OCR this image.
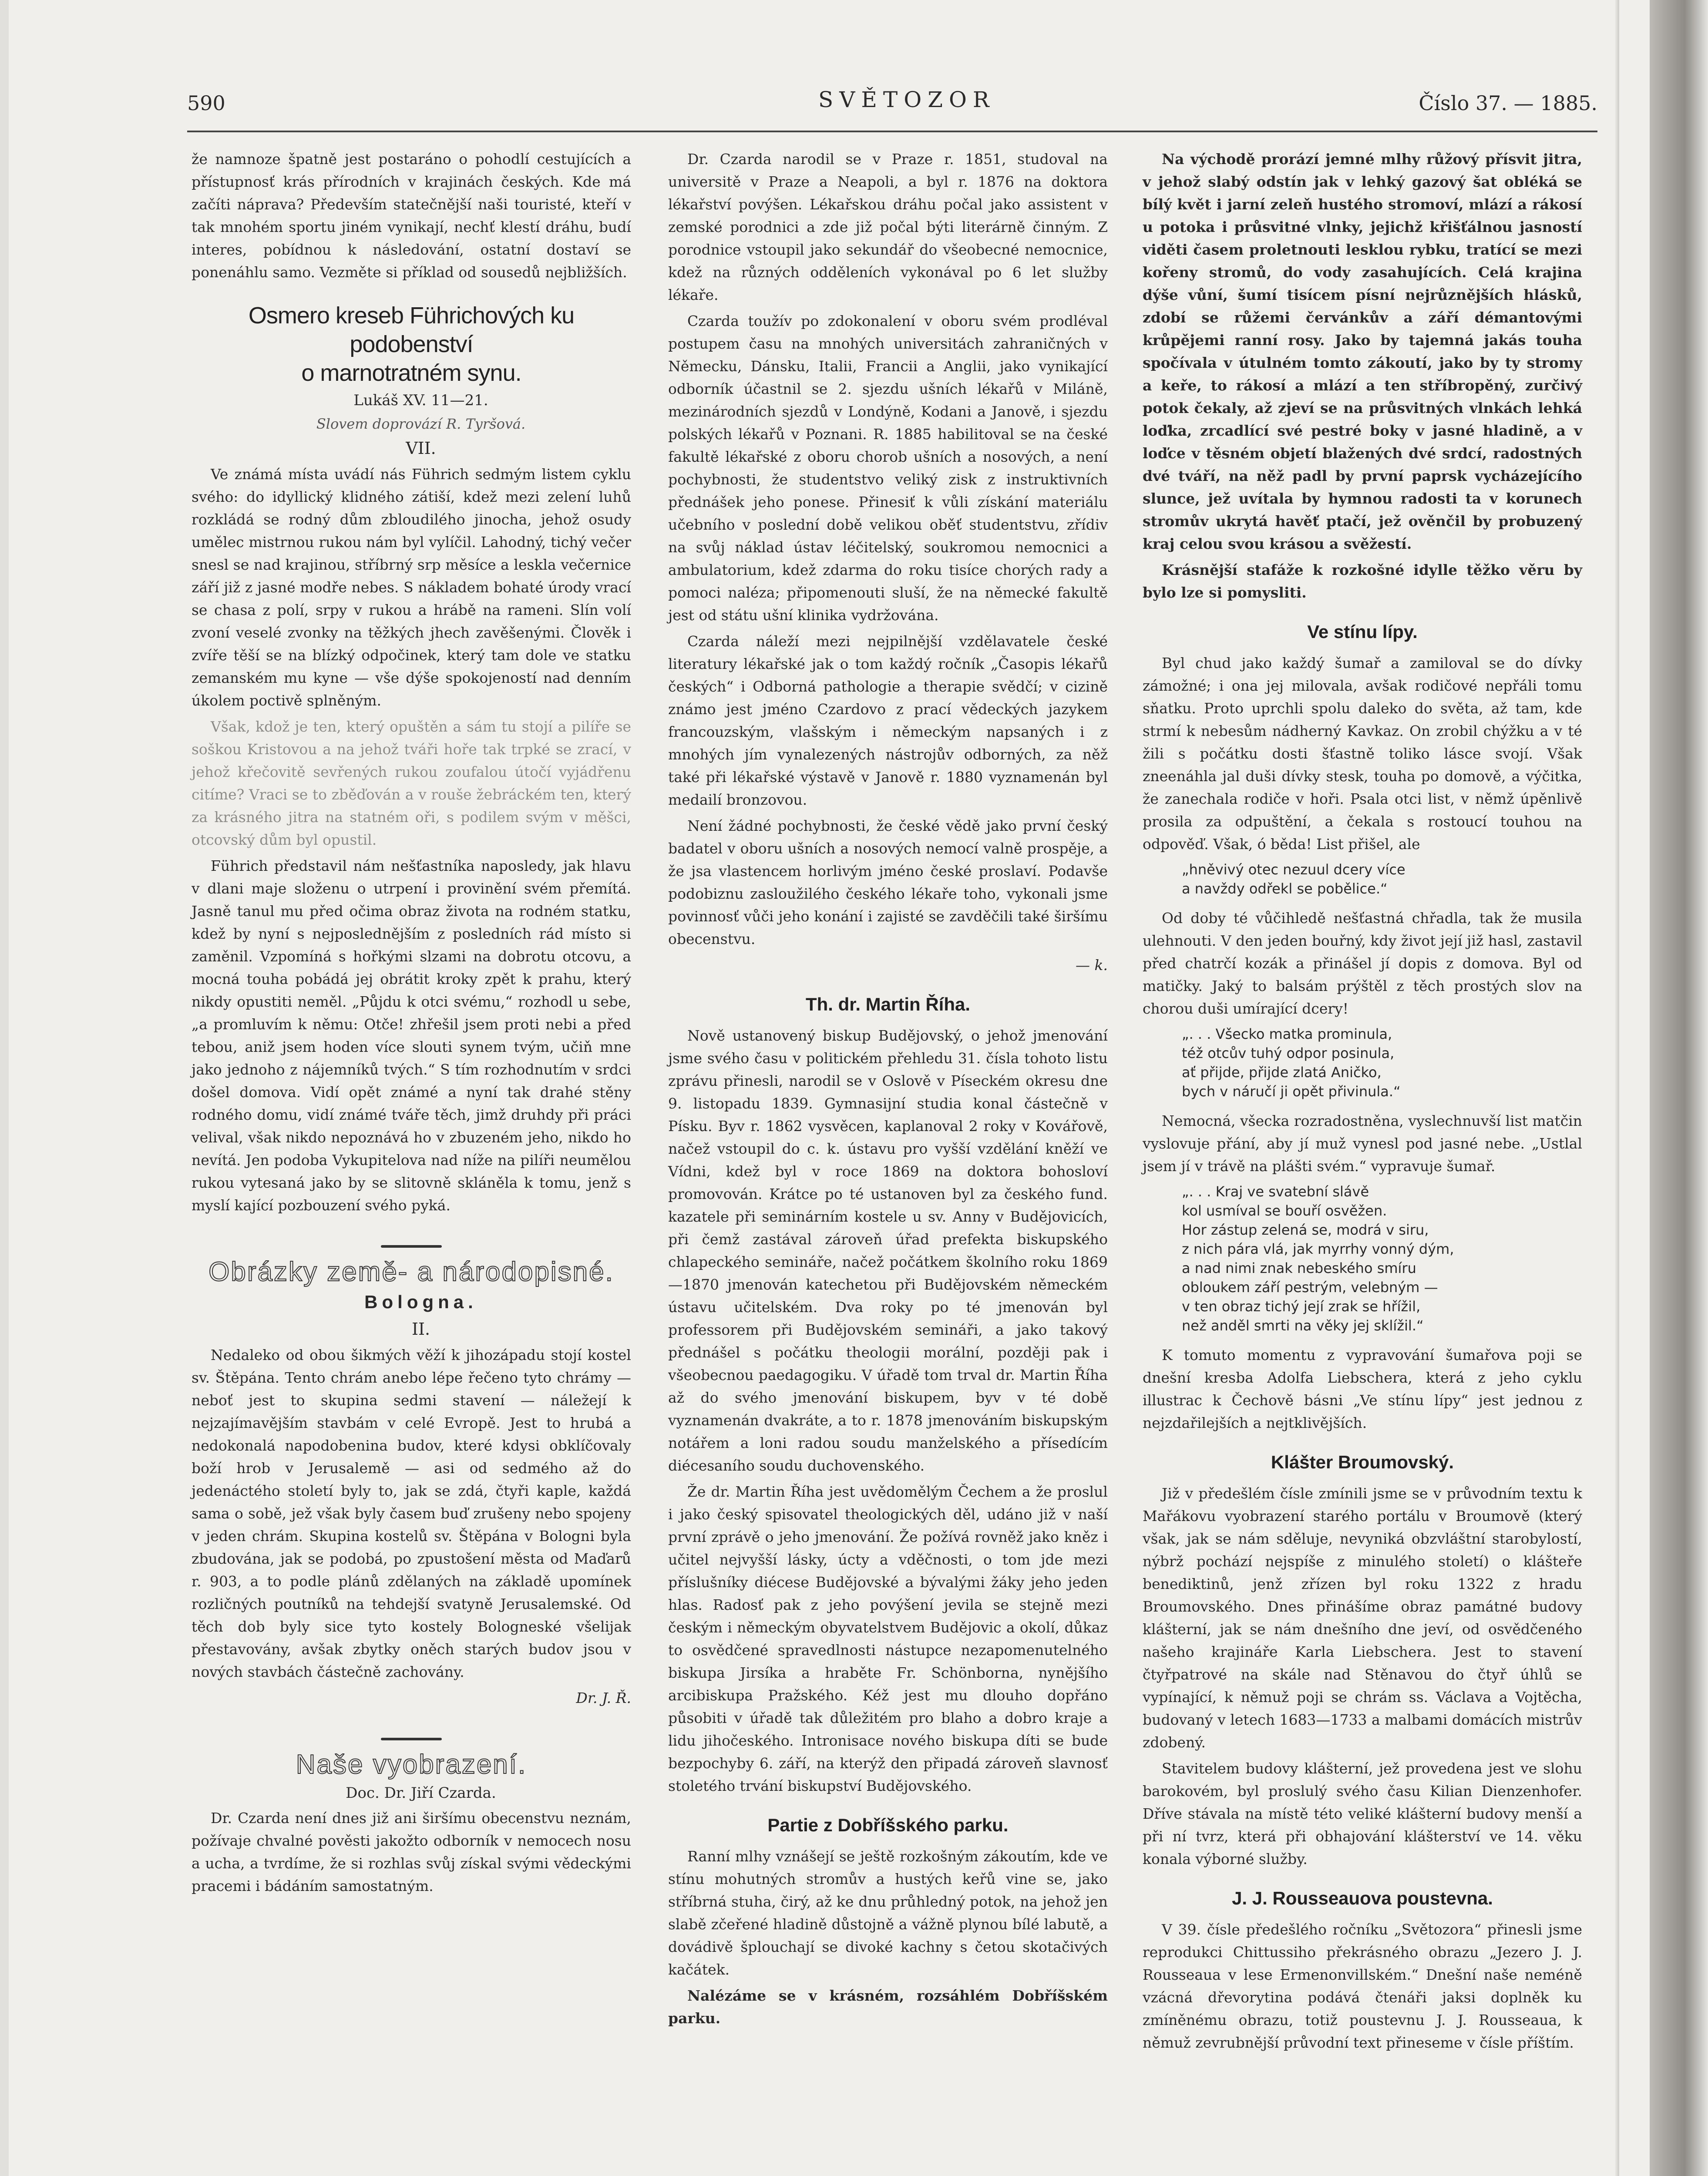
590	SVĚTOZOR	Číslo 37. — 1885.

že namnoze špatně jest postaráno o pohodlí cestujících a přístupnosť krás přírodních v krajinách českých. Kde má začíti náprava? Především statečnější naši touristé, kteří v tak mnohém sportu jiném vynikají, nechť klestí dráhu, budí interes, pobídnou k následování, ostatní dostaví se ponenáhlu samo. Vezměte si příklad od sousedů nejbližších.

Osmero kreseb Führichových ku podobenství
o marnotratném synu.

Lukáš XV. 11—21.

Slovem doprovází R. Tyršová.

VII.

Ve známá místa uvádí nás Führich sedmým listem cyklu svého: do idyllický klidného zátiší, kdež mezi zelení luhů rozkládá se rodný dům zbloudilého jinocha, jehož osudy umělec mistrnou rukou nám byl vylíčil. Lahodný, tichý večer snesl se nad krajinou, stříbrný srp měsíce a leskla večernice září již z jasné modře nebes. S nákladem bohaté úrody vrací se chasa z polí, srpy v rukou a hrábě na rameni. Slín volí zvoní veselé zvonky na těžkých jhech zavěšenými. Člověk i zvíře těší se na blízký odpočinek, který tam dole ve statku zemanském mu kyne — vše dýše spokojeností nad denním úkolem poctivě splněným.

Však, kdož je ten, který opuštěn a sám tu stojí a pilíře se soškou Kristovou a na jehož tváři hoře tak trpké se zrací, v jehož křečovitě sevřených rukou zoufalou útočí vyjádřenu citíme? Vraci se to zběďován a v rouše žebráckém ten, který za krásného jitra na statném oři, s podilem svým v měšci, otcovský dům byl opustil.

Führich představil nám nešťastníka naposledy, jak hlavu v dlani maje složenu o utrpení i provinění svém přemítá. Jasně tanul mu před očima obraz života na rodném statku, kdež by nyní s nejposlednějším z posledních rád místo si zaměnil. Vzpomíná s hořkými slzami na dobrotu otcovu, a mocná touha pobádá jej obrátit kroky zpět k prahu, který nikdy opustiti neměl. „Půjdu k otci svému,“ rozhodl u sebe, „a promluvím k němu: Otče! zhřešil jsem proti nebi a před tebou, aniž jsem hoden více slouti synem tvým, učiň mne jako jednoho z nájemníků tvých.“ S tím rozhodnutím v srdci došel domova. Vidí opět známé a nyní tak drahé stěny rodného domu, vidí známé tváře těch, jimž druhdy při práci velival, však nikdo nepoznává ho v zbuzeném jeho, nikdo ho nevítá. Jen podoba Vykupitelova nad níže na pilíři neumělou rukou vytesaná jako by se slitovně skláněla k tomu, jenž s myslí kající pozbouzení svého pyká.

Obrázky země- a národopisné.

Bologna.

II.

Nedaleko od obou šikmých věží k jihozápadu stojí kostel sv. Štěpána. Tento chrám anebo lépe řečeno tyto chrámy — neboť jest to skupina sedmi stavení — náležejí k nejzajímavějším stavbám v celé Evropě. Jest to hrubá a nedokonalá napodobenina budov, které kdysi obklíčovaly boží hrob v Jerusalemě — asi od sedmého až do jedenáctého století byly to, jak se zdá, čtyři kaple, každá sama o sobě, jež však byly časem buď zrušeny nebo spojeny v jeden chrám. Skupina kostelů sv. Štěpána v Bologni byla zbudována, jak se podobá, po zpustošení města od Maďarů r. 903, a to podle plánů zdělaných na základě upomínek rozličných poutníků na tehdejší svatyně Jerusalemské. Od těch dob byly sice tyto kostely Bologneské všelijak přestavovány, avšak zbytky oněch starých budov jsou v nových stavbách částečně zachovány.

Dr. J. Ř.

Naše vyobrazení.

Doc. Dr. Jiří Czarda.

Dr. Czarda není dnes již ani širšímu obecenstvu neznám, požívaje chvalné pověsti jakožto odborník v nemocech nosu a ucha, a tvrdíme, že si rozhlas svůj získal svými vědeckými pracemi i bádáním samostatným.

Dr. Czarda narodil se v Praze r. 1851, studoval na universitě v Praze a Neapoli, a byl r. 1876 na doktora lékařství povýšen. Lékařskou dráhu počal jako assistent v zemské porodnici a zde již počal býti literárně činným. Z porodnice vstoupil jako sekundář do všeobecné nemocnice, kdež na různých odděleních vykonával po 6 let služby lékaře.

Czarda toužív po zdokonalení v oboru svém prodléval postupem času na mnohých universitách zahraničných v Německu, Dánsku, Italii, Francii a Anglii, jako vynikající odborník účastnil se 2. sjezdu ušních lékařů v Miláně, mezinárodních sjezdů v Londýně, Kodani a Janově, i sjezdu polských lékařů v Poznani. R. 1885 habilitoval se na české fakultě lékařské z oboru chorob ušních a nosových, a není pochybnosti, že studentstvo veliký zisk z instruktivních přednášek jeho ponese. Přinesiť k vůli získání materiálu učebního v poslední době velikou oběť studentstvu, zřídiv na svůj náklad ústav léčitelský, soukromou nemocnici a ambulatorium, kdež zdarma do roku tisíce chorých rady a pomoci naléza; připomenouti sluší, že na německé fakultě jest od státu ušní klinika vydržována.

Czarda náleží mezi nejpilnější vzdělavatele české literatury lékařské jak o tom každý ročník „Časopis lékařů českých“ i Odborná pathologie a therapie svědčí; v cizině známo jest jméno Czardovo z prací vědeckých jazykem francouzským, vlašským i německým napsaných i z mnohých jím vynalezených nástrojův odborných, za něž také při lékařské výstavě v Janově r. 1880 vyznamenán byl medailí bronzovou.

Není žádné pochybnosti, že české vědě jako první český badatel v oboru ušních a nosových nemocí valně prospěje, a že jsa vlastencem horlivým jméno české proslaví. Podavše podobiznu zasloužilého českého lékaře toho, vykonali jsme povinnosť vůči jeho konání i zajisté se zavděčili také širšímu obecenstvu.

— k.

Th. dr. Martin Říha.

Nově ustanovený biskup Budějovský, o jehož jmenování jsme svého času v politickém přehledu 31. čísla tohoto listu zprávu přinesli, narodil se v Oslově v Píseckém okresu dne 9. listopadu 1839. Gymnasijní studia konal částečně v Písku. Byv r. 1862 vysvěcen, kaplanoval 2 roky v Kovářově, načež vstoupil do c. k. ústavu pro vyšší vzdělání kněží ve Vídni, kdež byl v roce 1869 na doktora bohosloví promovován. Krátce po té ustanoven byl za českého fund. kazatele při seminárním kostele u sv. Anny v Budějovicích, při čemž zastával zároveň úřad prefekta biskupského chlapeckého semináře, načež počátkem školního roku 1869—1870 jmenován katechetou při Budějovském německém ústavu učitelském. Dva roky po té jmenován byl professorem při Budějovském semináři, a jako takový přednášel s počátku theologii morální, později pak i všeobecnou paedagogiku. V úřadě tom trval dr. Martin Říha až do svého jmenování biskupem, byv v té době vyznamenán dvakráte, a to r. 1878 jmenováním biskupským notářem a loni radou soudu manželského a přísedícím diécesaního soudu duchovenského.

Že dr. Martin Říha jest uvědomělým Čechem a že proslul i jako český spisovatel theologických děl, udáno již v naší první zprávě o jeho jmenování. Že požívá rovněž jako kněz i učitel nejvyšší lásky, úcty a vděčnosti, o tom jde mezi příslušníky diécese Budějovské a bývalými žáky jeho jeden hlas. Radosť pak z jeho povýšení jevila se stejně mezi českým i německým obyvatelstvem Budějovic a okolí, důkaz to osvědčené spravedlnosti nástupce nezapomenutelného biskupa Jirsíka a hraběte Fr. Schönborna, nynějšího arcibiskupa Pražského. Kéž jest mu dlouho dopřáno působiti v úřadě tak důležitém pro blaho a dobro kraje a lidu jihočeského. Intronisace nového biskupa díti se bude bezpochyby 6. září, na kterýž den připadá zároveň slavnosť stoletého trvání biskupství Budějovského.

Partie z Dobříšského parku.

Ranní mlhy vznášejí se ještě rozkošným zákoutím, kde ve stínu mohutných stromův a hustých keřů vine se, jako stříbrná stuha, čirý, až ke dnu průhledný potok, na jehož jen slabě zčeřené hladině důstojně a vážně plynou bílé labutě, a dovádivě šplouchají se divoké kachny s četou skotačivých kačátek.

Nalézáme se v krásném, rozsáhlém Dobříšském parku.

Na východě prorází jemné mlhy růžový přísvit jitra, v jehož slabý odstín jak v lehký gazový šat obléká se bílý květ i jarní zeleň hustého stromoví, mlází a rákosí u potoka i průsvitné vlnky, jejichž křišťálnou jasností viděti časem proletnouti lesklou rybku, tratící se mezi kořeny stromů, do vody zasahujících. Celá krajina dýše vůní, šumí tisícem písní nejrůznějších hlásků, zdobí se růžemi červánkův a září démantovými krůpějemi ranní rosy. Jako by tajemná jakás touha spočívala v útulném tomto zákoutí, jako by ty stromy a keře, to rákosí a mlází a ten stříbropěný, zurčivý potok čekaly, až zjeví se na průsvitných vlnkách lehká loďka, zrcadlící své pestré boky v jasné hladině, a v loďce v těsném objetí blažených dvé srdcí, radostných dvé tváří, na něž padl by první paprsk vycházejícího slunce, jež uvítala by hymnou radosti ta v korunech stromův ukrytá havěť ptačí, jež ověnčil by probuzený kraj celou svou krásou a svěžestí.

Krásnější stafáže k rozkošné idylle těžko věru by bylo lze si pomysliti.

Ve stínu lípy.

Byl chud jako každý šumař a zamiloval se do dívky zámožné; i ona jej milovala, avšak rodičové nepřáli tomu sňatku. Proto uprchli spolu daleko do světa, až tam, kde strmí k nebesům nádherný Kavkaz. On zrobil chýžku a v té žili s počátku dosti šťastně toliko lásce svojí. Však zneenáhla jal duši dívky stesk, touha po domově, a výčitka, že zanechala rodiče v hoři. Psala otci list, v němž úpěnlivě prosila za odpuštění, a čekala s rostoucí touhou na odpověď. Však, ó běda! List přišel, ale

„hněvivý otec nezuul dcery více
a navždy odřekl se pobělice.“

Od doby té vůčihledě nešťastná chřadla, tak že musila ulehnouti. V den jeden bouřný, kdy život její již hasl, zastavil před chatrčí kozák a přinášel jí dopis z domova. Byl od matičky. Jaký to balsám prýštěl z těch prostých slov na chorou duši umírající dcery!

„. . . Všecko matka prominula,
též otcův tuhý odpor posinula,
ať přijde, přijde zlatá Aničko,
bych v náručí ji opět přivinula.“

Nemocná, všecka rozradostněna, vyslechnuvší list matčin vyslovuje přání, aby jí muž vynesl pod jasné nebe. „Ustlal jsem jí v trávě na plášti svém.“ vypravuje šumař.

„. . . Kraj ve svatební slávě
kol usmíval se bouří osvěžen.
Hor zástup zelená se, modrá v siru,
z nich pára vlá, jak myrrhy vonný dým,
a nad nimi znak nebeského smíru
obloukem září pestrým, velebným —
v ten obraz tichý její zrak se hřížil,
než anděl smrti na věky jej sklížil.“

K tomuto momentu z vypravování šumařova poji se dnešní kresba Adolfa Liebschera, která z jeho cyklu illustrac k Čechově básni „Ve stínu lípy“ jest jednou z nejzdařilejších a nejtklivějších.

Klášter Broumovský.

Již v předešlém čísle zmínili jsme se v průvodním textu k Mařákovu vyobrazení starého portálu v Broumově (který však, jak se nám sděluje, nevyniká obzvláštní starobylostí, nýbrž pochází nejspíše z minulého století) o klášteře benediktinů, jenž zřízen byl roku 1322 z hradu Broumovského. Dnes přinášíme obraz památné budovy klášterní, jak se nám dnešního dne jeví, od osvědčeného našeho krajináře Karla Liebschera. Jest to stavení čtyřpatrové na skále nad Stěnavou do čtyř úhlů se vypínající, k němuž poji se chrám ss. Václava a Vojtěcha, budovaný v letech 1683—1733 a malbami domácích mistrův zdobený.

Stavitelem budovy klášterní, jež provedena jest ve slohu barokovém, byl proslulý svého času Kilian Dienzenhofer. Dříve stávala na místě této veliké klášterní budovy menší a při ní tvrz, která při obhajování klášterství ve 14. věku konala výborné služby.

J. J. Rousseauova poustevna.

V 39. čísle předešlého ročníku „Světozora“ přinesli jsme reprodukci Chittussiho překrásného obrazu „Jezero J. J. Rousseaua v lese Ermenonvillském.“ Dnešní naše neméně vzácná dřevorytina podává čtenáři jaksi doplněk ku zmíněnému obrazu, totiž poustevnu J. J. Rousseaua, k němuž zevrubnější průvodní text přineseme v čísle příštím.
